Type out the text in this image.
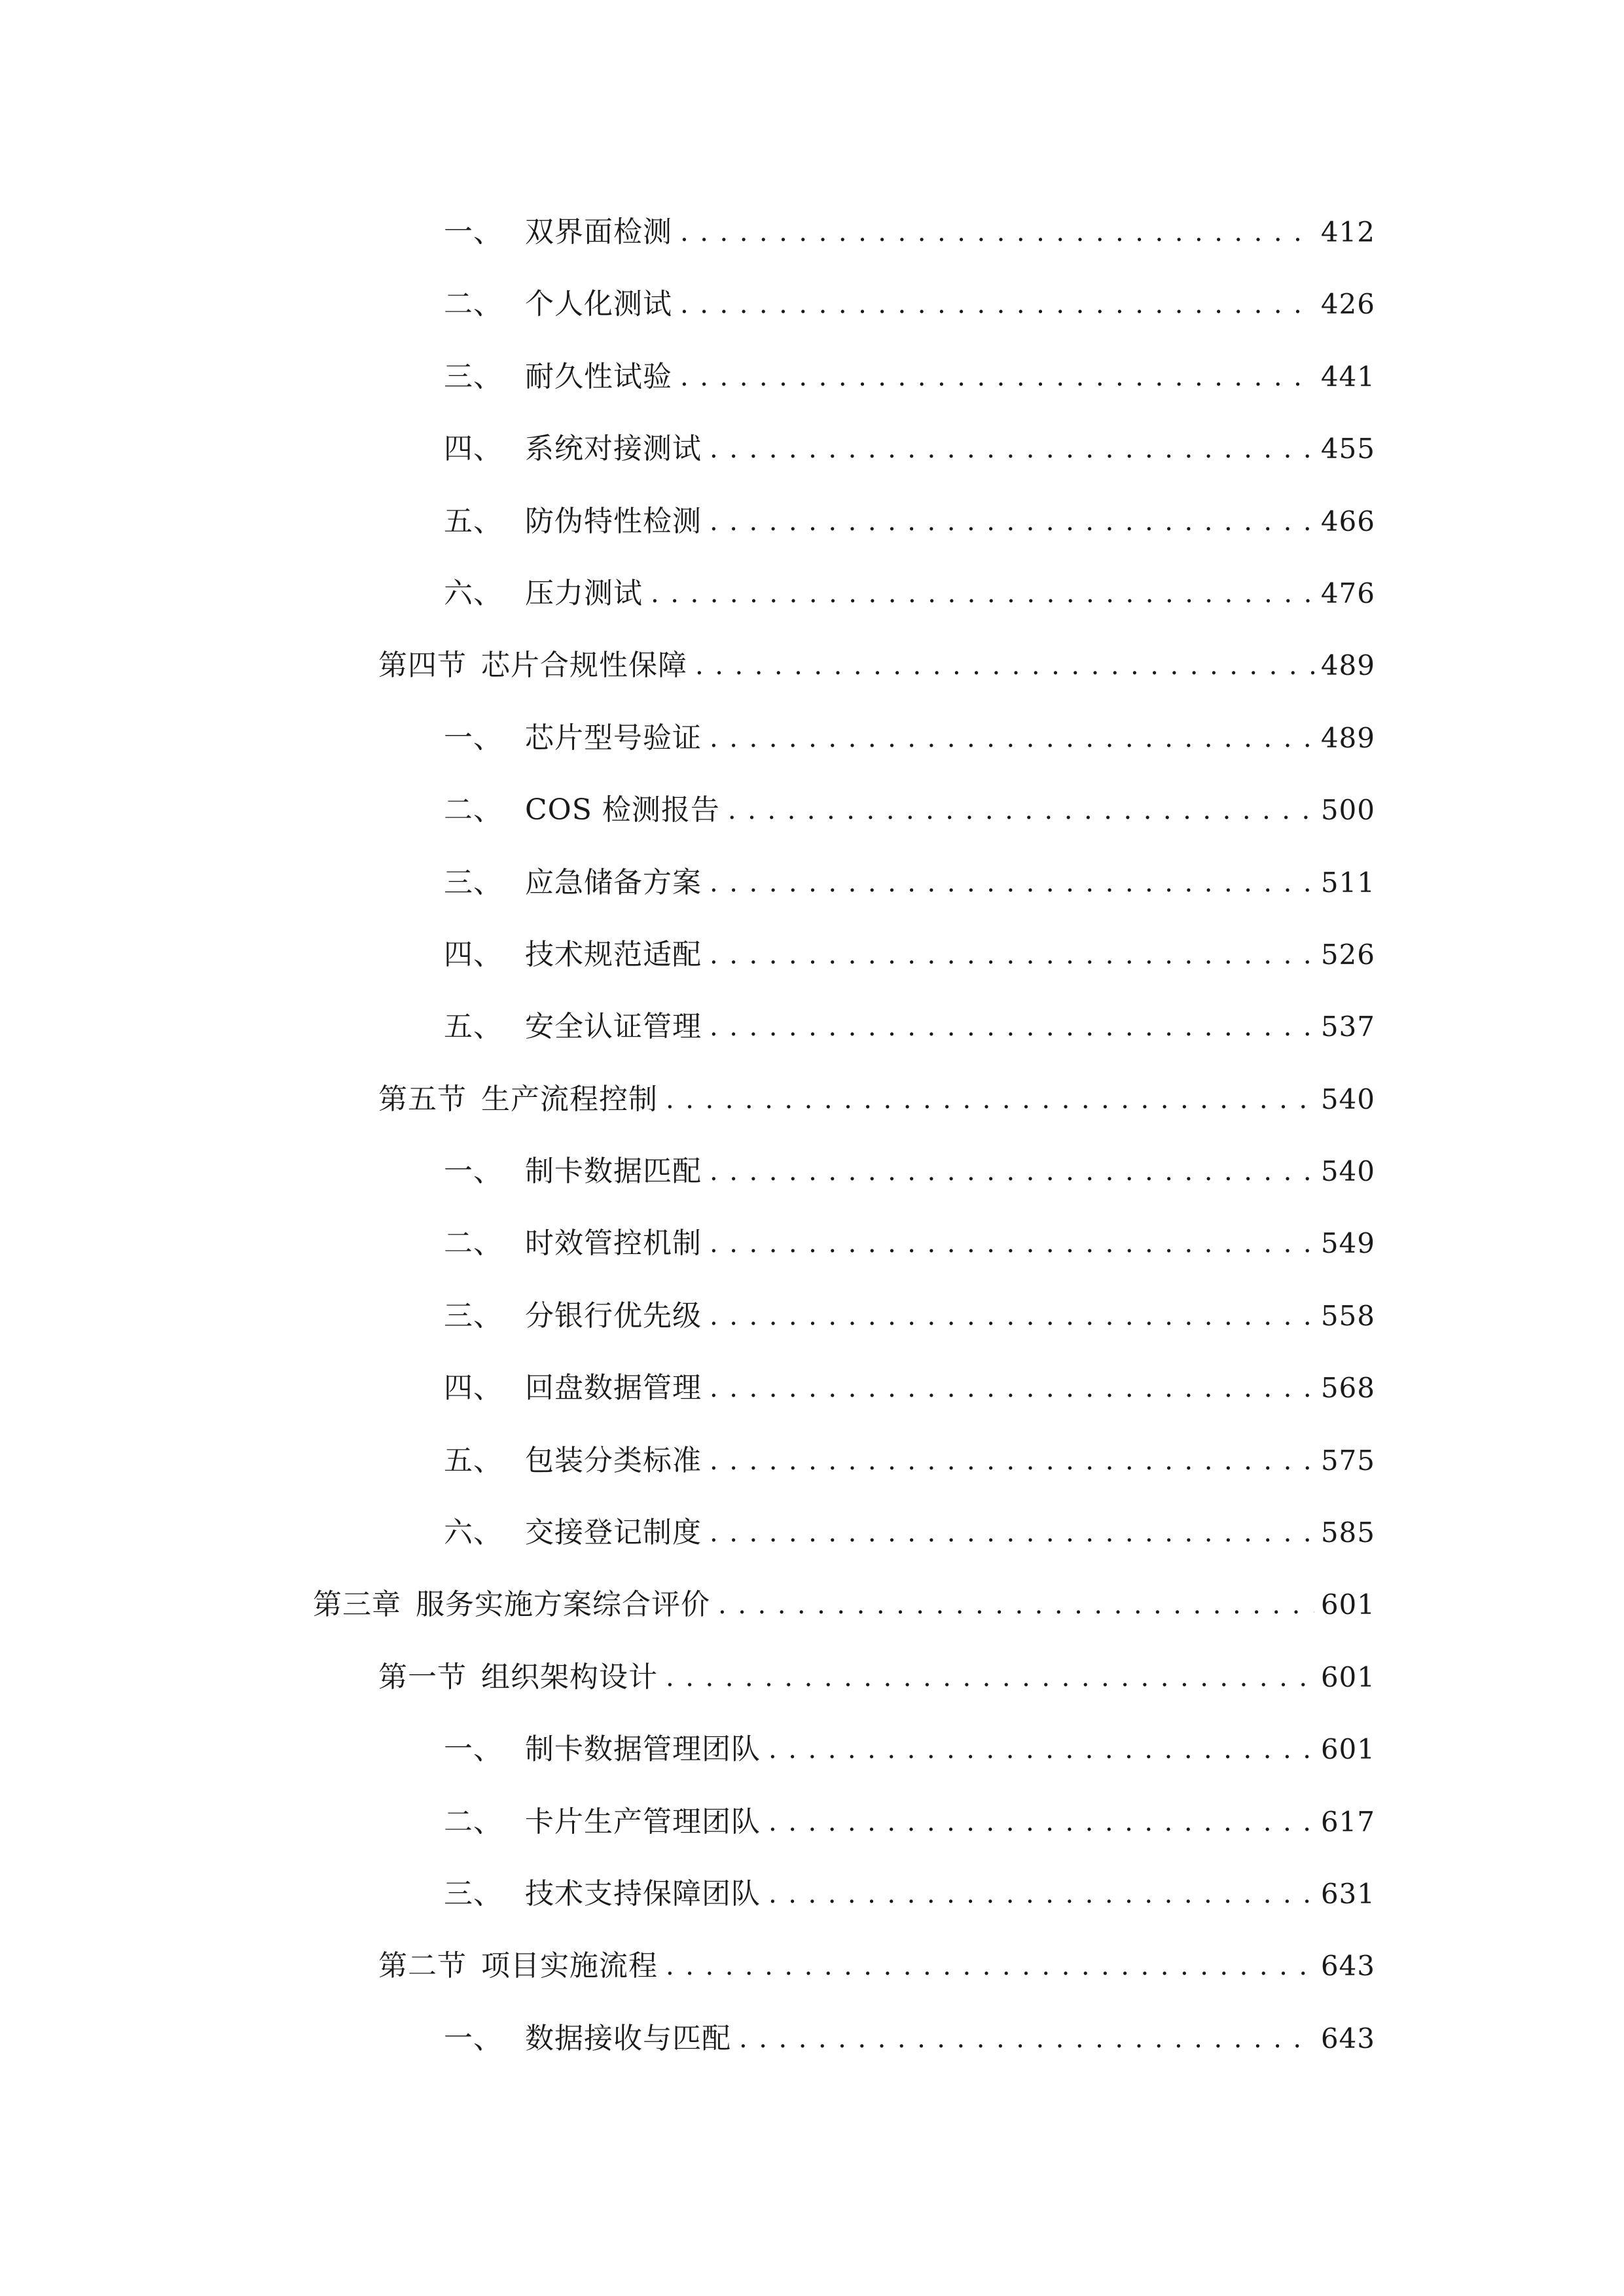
一、 双界面检测 . . .	412
二、 个人化测试 . . .	426
三、 耐久性试验 . . .	441
四、 系统对接测试 . . .	455
五、 防伪特性检测 . . .	466
六、 压力测试 . . .	476
第四节 芯片合规性保障 . . .	489
一、 芯片型号验证 . . .	489
二、 COS 检测报告 . . .	500
三、 应急储备方案 . . .	511
四、 技术规范适配 . . .	526
五、 安全认证管理 . . .	537
第五节 生产流程控制 . . .	540
一、 制卡数据匹配 . . .	540
二、 时效管控机制 . . .	549
三、 分银行优先级 . . .	558
四、 回盘数据管理 . . .	568
五、 包装分类标准 . . .	575
六、 交接登记制度 . . .	585
第三章 服务实施方案综合评价 . . .	601
第一节 组织架构设计 . . .	601
一、 制卡数据管理团队 . . .	601
二、 卡片生产管理团队 . . .	617
三、 技术支持保障团队 . . .	631
第二节 项目实施流程 . . .	643
一、 数据接收与匹配 . . .	643
